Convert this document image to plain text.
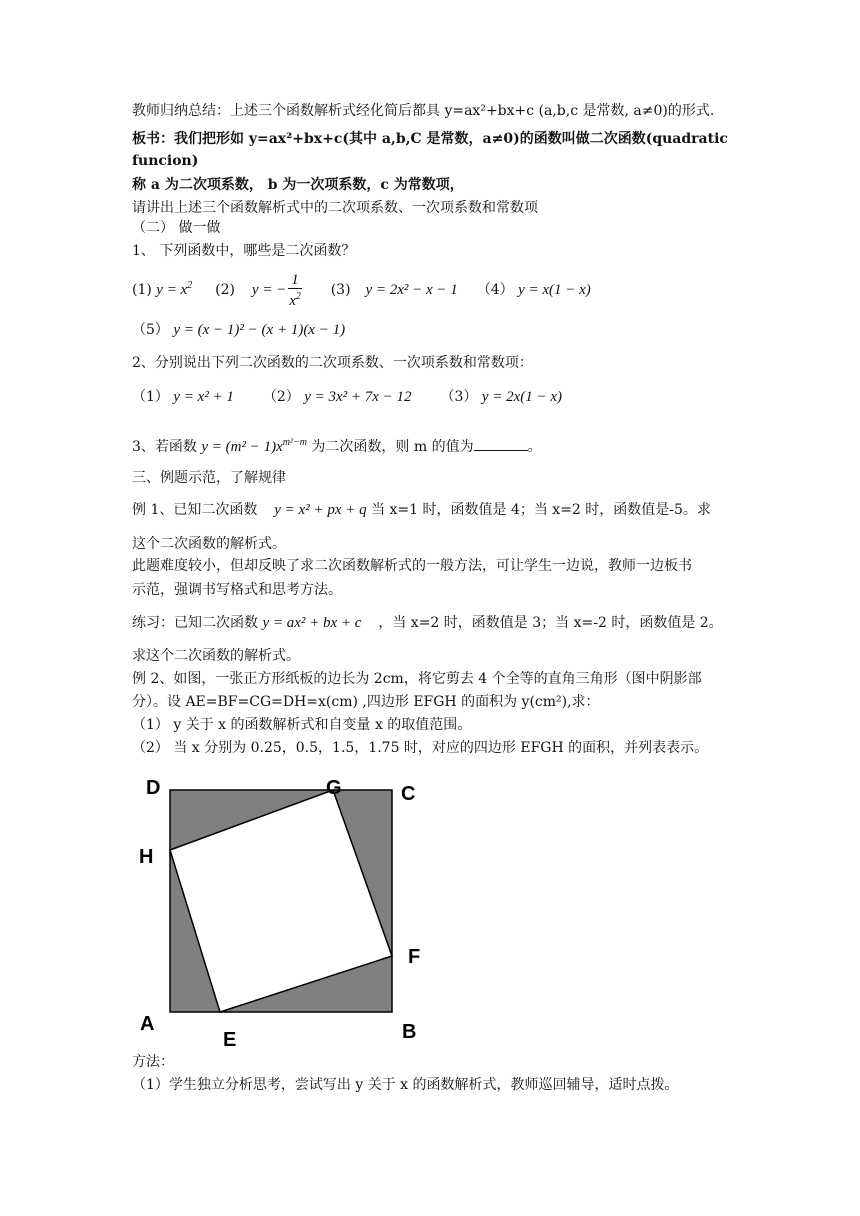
教师归纳总结：上述三个函数解析式经化简后都具 y=ax²+bx+c (a,b,c 是常数, a≠0)的形式.
板书：我们把形如 y=ax²+bx+c(其中 a,b,C 是常数，a≠0)的函数叫做二次函数(quadratic
funcion)
称 a 为二次项系数， b 为一次项系数，c 为常数项，
请讲出上述三个函数解析式中的二次项系数、一次项系数和常数项
（二） 做一做
1、 下列函数中，哪些是二次函数？
(1) $y = x^2$ (2) y = − $\frac{1}{x^2} (3) y = 2x^2 - x - 1$ （4） y = x(1 − x)
（5） y = (x − 1)² − (x + 1)(x − 1)
2、分别说出下列二次函数的二次项系数、一次项系数和常数项：
（1） y = x² + 1 （2） y = 3x² + 7x − 12 （3） y = 2x(1 − x)
3、若函数 $y = (m^2 - 1)x^{m^2-m}$ 为二次函数，则 m 的值为	。
三、例题示范，了解规律
例 1、已知二次函数 y = x² + px + q 当 x=1 时，函数值是 4；当 x=2 时，函数值是-5。求
这个二次函数的解析式。
此题难度较小，但却反映了求二次函数解析式的一般方法，可让学生一边说，教师一边板书
示范，强调书写格式和思考方法。
练习：已知二次函数 y = ax² + bx + c ，当 x=2 时，函数值是 3；当 x=-2 时，函数值是 2。
求这个二次函数的解析式。
例 2、如图，一张正方形纸板的边长为 2cm，将它剪去 4 个全等的直角三角形（图中阴影部
分）。设 AE=BF=CG=DH=x(cm) ,四边形 EFGH 的面积为 y(cm²),求：
（1） y 关于 x 的函数解析式和自变量 x 的取值范围。
（2） 当 x 分别为 0.25，0.5，1.5，1.75 时，对应的四边形 EFGH 的面积，并列表表示。
D	G	C
H
F
A
E	B
方法：
（1）学生独立分析思考，尝试写出 y 关于 x 的函数解析式，教师巡回辅导，适时点拨。
